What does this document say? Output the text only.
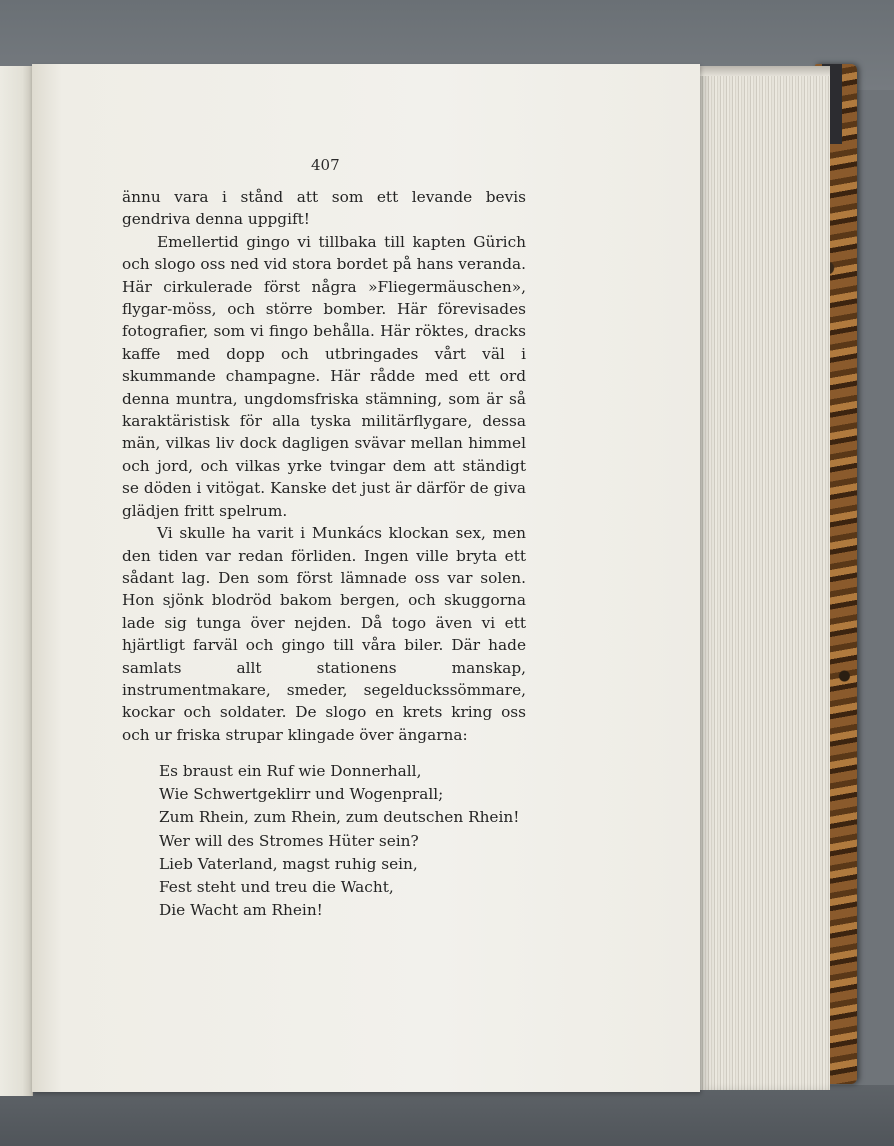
407

ännu vara i stånd att som ett levande bevis gendriva denna uppgift!

Emellertid gingo vi tillbaka till kapten Gürich och slogo oss ned vid stora bordet på hans veranda. Här cirkulerade först några »Fliegermäuschen», flygar-möss, och större bomber. Här förevisades fotografier, som vi fingo behålla. Här röktes, dracks kaffe med dopp och utbringades vårt väl i skummande champagne. Här rådde med ett ord denna muntra, ungdomsfriska stämning, som är så karaktäristisk för alla tyska militärflygare, dessa män, vilkas liv dock dagligen svävar mellan himmel och jord, och vilkas yrke tvingar dem att ständigt se döden i vitögat. Kanske det just är därför de giva glädjen fritt spelrum.

Vi skulle ha varit i Munkács klockan sex, men den tiden var redan förliden. Ingen ville bryta ett sådant lag. Den som först lämnade oss var solen. Hon sjönk blodröd bakom bergen, och skuggorna lade sig tunga över nejden. Då togo även vi ett hjärtligt farväl och gingo till våra biler. Där hade samlats allt stationens manskap, instrumentmakare, smeder, segelduckssömmare, kockar och soldater. De slogo en krets kring oss och ur friska strupar klingade över ängarna:

Es braust ein Ruf wie Donnerhall,
Wie Schwertgeklirr und Wogenprall;
Zum Rhein, zum Rhein, zum deutschen Rhein!
Wer will des Stromes Hüter sein?
Lieb Vaterland, magst ruhig sein,
Fest steht und treu die Wacht,
Die Wacht am Rhein!
